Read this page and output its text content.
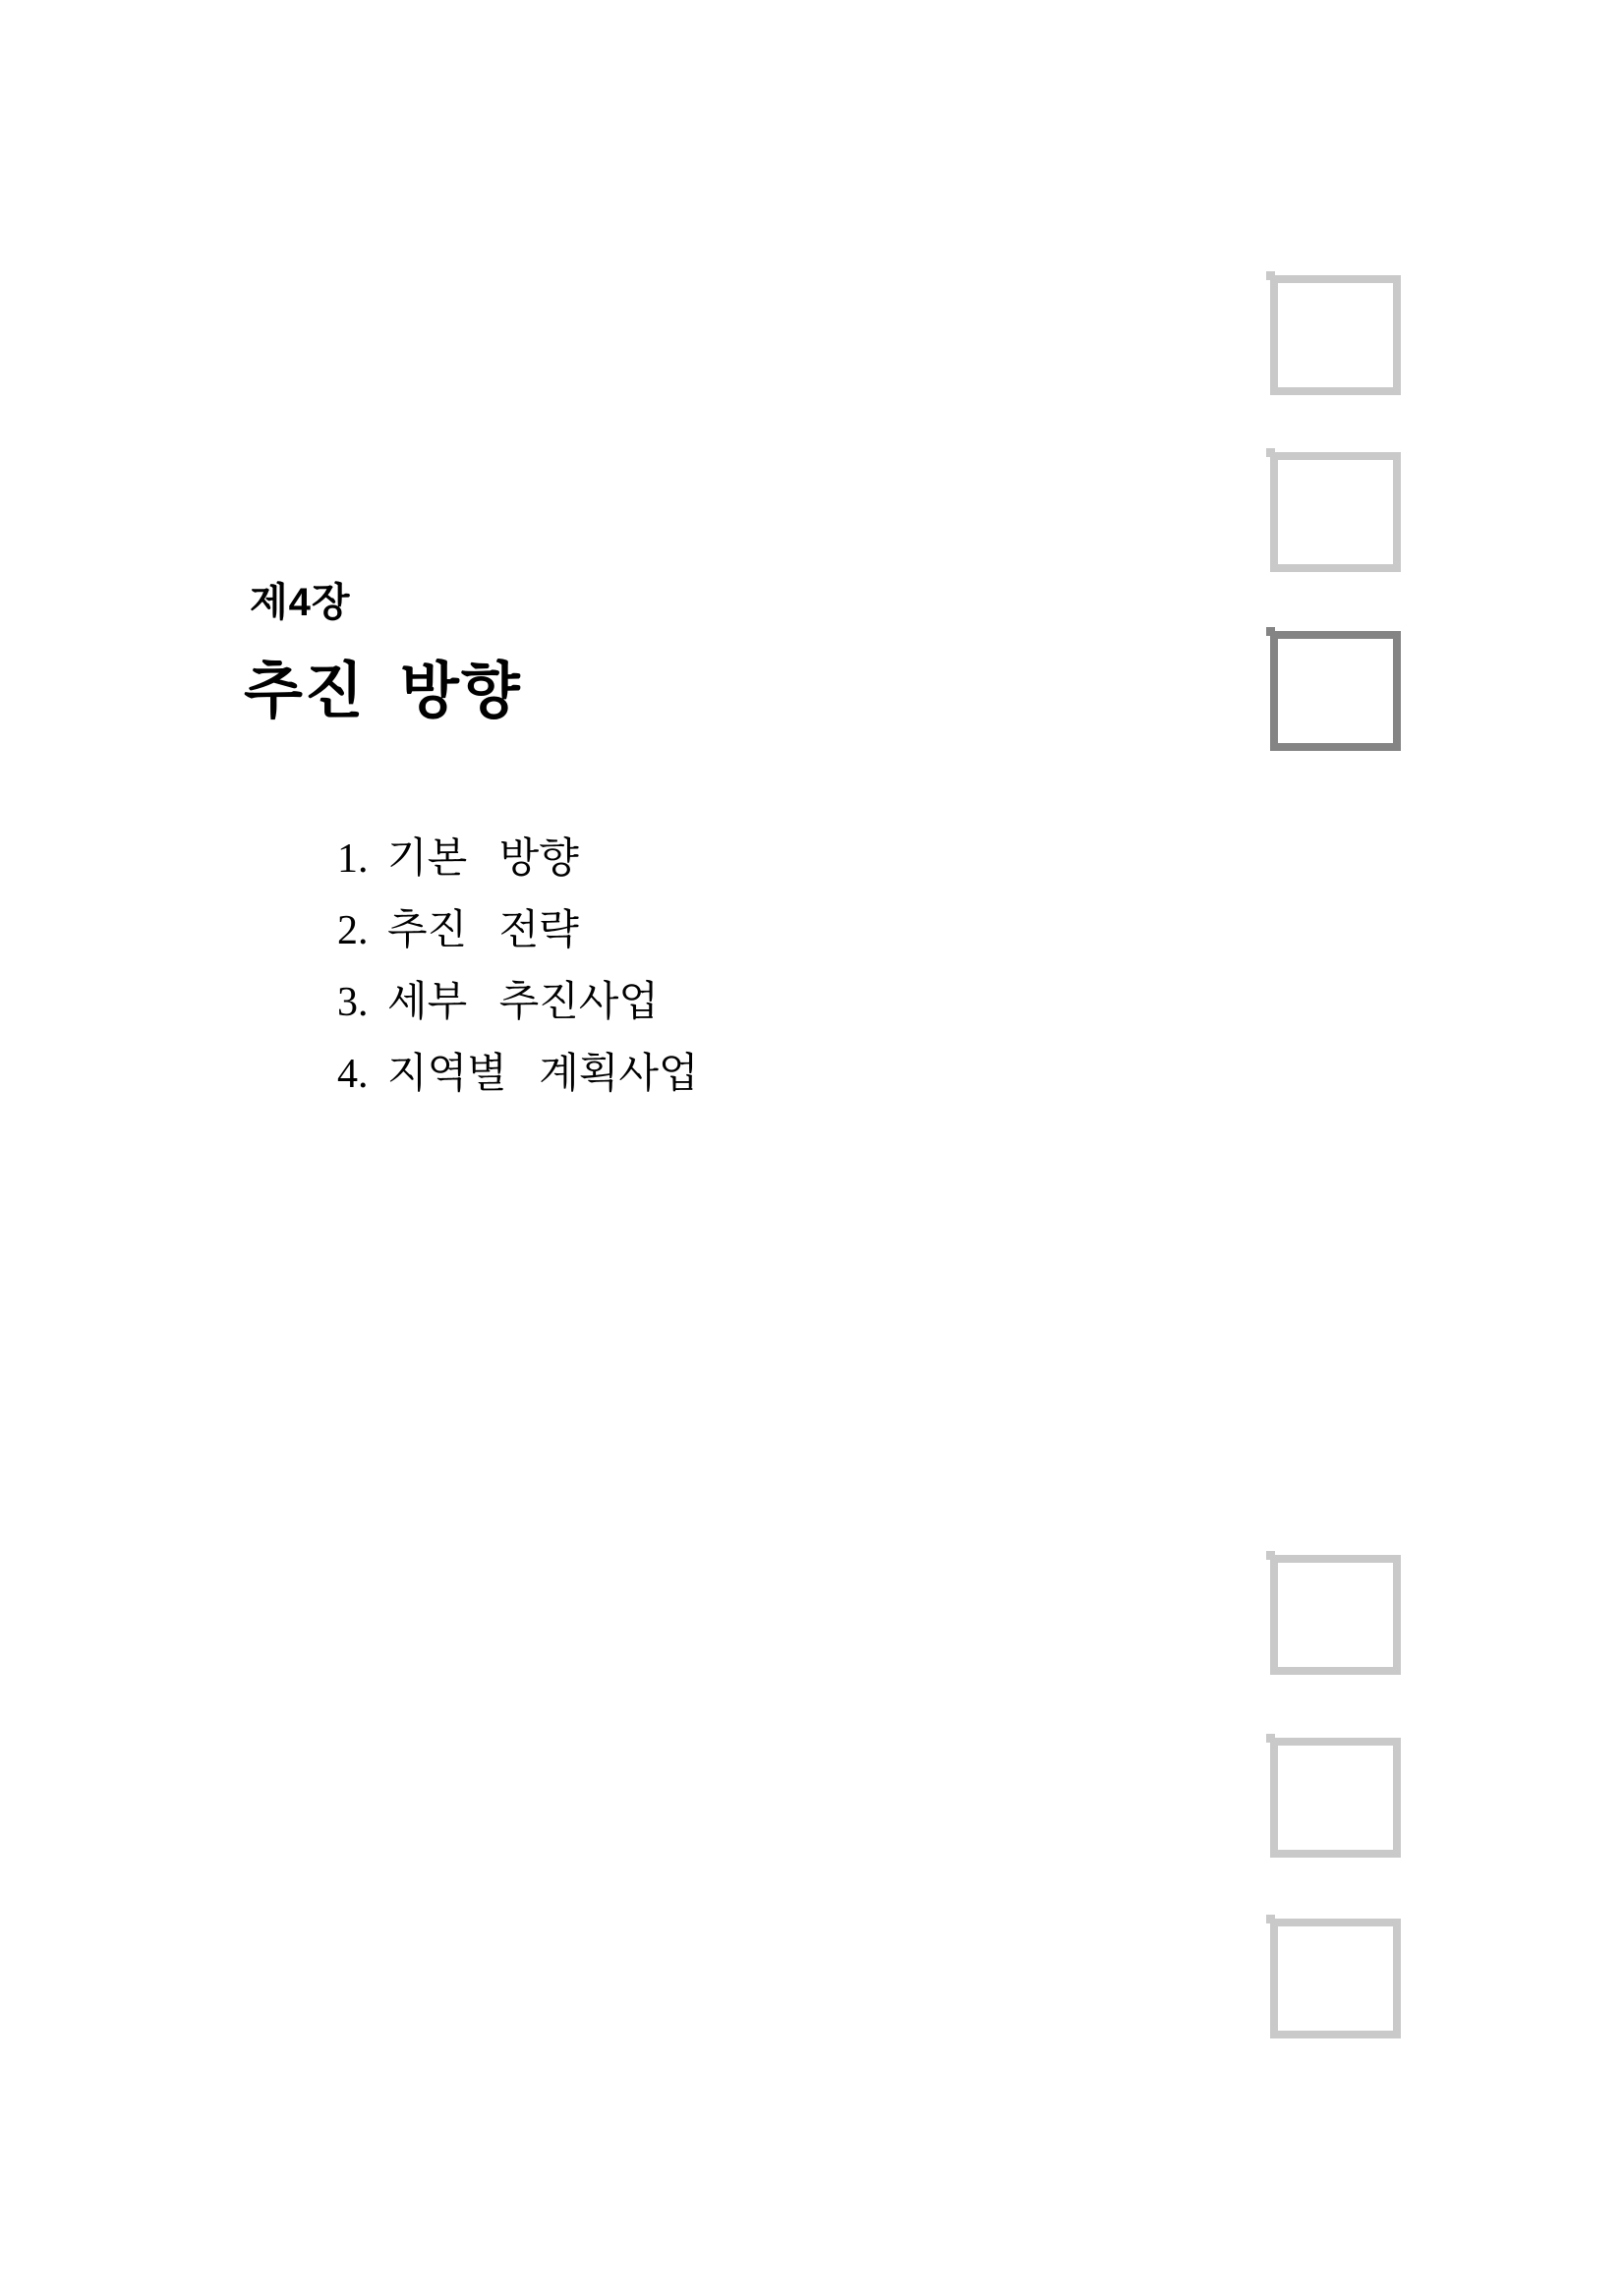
제4장
추진 방향
1. 기본 방향
2. 추진 전략
3. 세부 추진사업
4. 지역별 계획사업
